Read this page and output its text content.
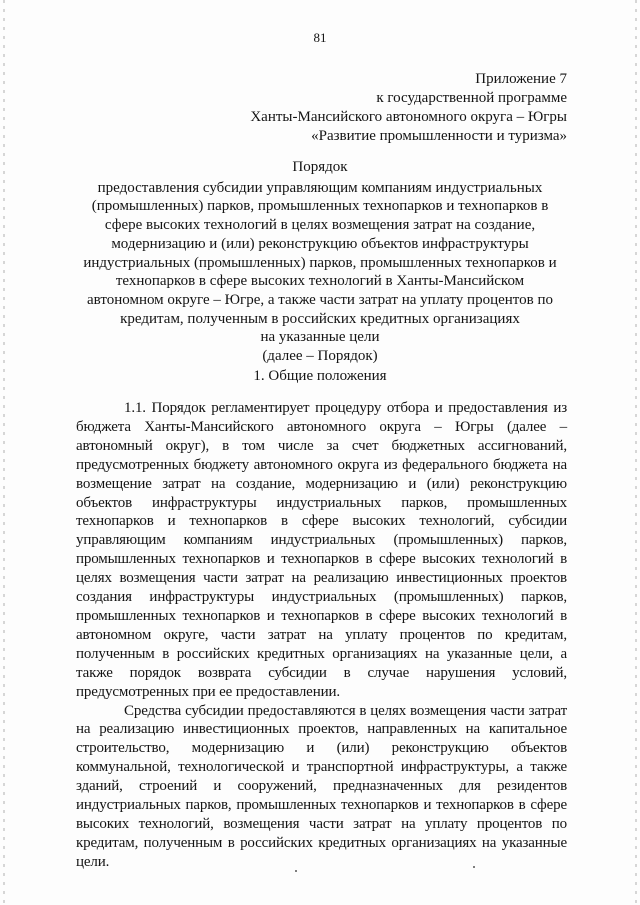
81
Приложение 7
к государственной программе
Ханты-Мансийского автономного округа – Югры
«Развитие промышленности и туризма»
Порядок
предоставления субсидии управляющим компаниям индустриальных
(промышленных) парков, промышленных технопарков и технопарков в
сфере высоких технологий в целях возмещения затрат на создание,
модернизацию и (или) реконструкцию объектов инфраструктуры
индустриальных (промышленных) парков, промышленных технопарков и
технопарков в сфере высоких технологий в Ханты-Мансийском
автономном округе – Югре, а также части затрат на уплату процентов по
кредитам, полученным в российских кредитных организациях
на указанные цели
(далее – Порядок)
1. Общие положения

1.1. Порядок регламентирует процедуру отбора и предоставления из бюджета Ханты-Мансийского автономного округа – Югры (далее – автономный округ), в том числе за счет бюджетных ассигнований, предусмотренных бюджету автономного округа из федерального бюджета на возмещение затрат на создание, модернизацию и (или) реконструкцию объектов инфраструктуры индустриальных парков, промышленных технопарков и технопарков в сфере высоких технологий, субсидии управляющим компаниям индустриальных (промышленных) парков, промышленных технопарков и технопарков в сфере высоких технологий в целях возмещения части затрат на реализацию инвестиционных проектов создания инфраструктуры индустриальных (промышленных) парков, промышленных технопарков и технопарков в сфере высоких технологий в автономном округе, части затрат на уплату процентов по кредитам, полученным в российских кредитных организациях на указанные цели, а также порядок возврата субсидии в случае нарушения условий, предусмотренных при ее предоставлении.

Средства субсидии предоставляются в целях возмещения части затрат на реализацию инвестиционных проектов, направленных на капитальное строительство, модернизацию и (или) реконструкцию объектов коммунальной, технологической и транспортной инфраструктуры, а также зданий, строений и сооружений, предназначенных для резидентов индустриальных парков, промышленных технопарков и технопарков в сфере высоких технологий, возмещения части затрат на уплату процентов по кредитам, полученным в российских кредитных организациях на указанные цели.
